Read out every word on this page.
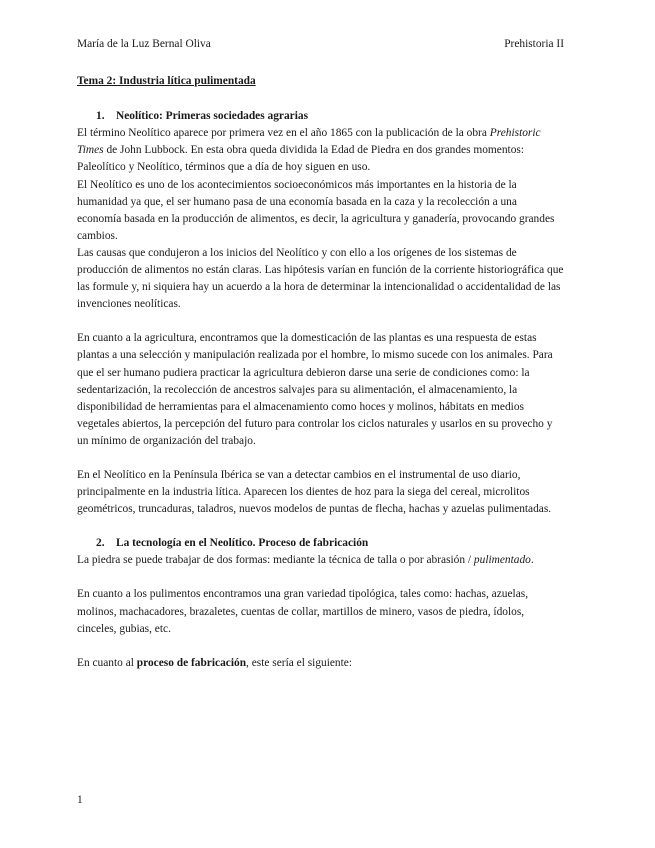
María de la Luz Bernal Oliva	Prehistoria II
Tema 2: Industria lítica pulimentada
1. Neolítico: Primeras sociedades agrarias

El término Neolítico aparece por primera vez en el año 1865 con la publicación de la obra Prehistoric Times de John Lubbock. En esta obra queda dividida la Edad de Piedra en dos grandes momentos: Paleolítico y Neolítico, términos que a día de hoy siguen en uso.

El Neolítico es uno de los acontecimientos socioeconómicos más importantes en la historia de la humanidad ya que, el ser humano pasa de una economía basada en la caza y la recolección a una economía basada en la producción de alimentos, es decir, la agricultura y ganadería, provocando grandes cambios.

Las causas que condujeron a los inicios del Neolítico y con ello a los orígenes de los sistemas de producción de alimentos no están claras. Las hipótesis varían en función de la corriente historiográfica que las formule y, ni siquiera hay un acuerdo a la hora de determinar la intencionalidad o accidentalidad de las invenciones neolíticas.

En cuanto a la agricultura, encontramos que la domesticación de las plantas es una respuesta de estas plantas a una selección y manipulación realizada por el hombre, lo mismo sucede con los animales. Para que el ser humano pudiera practicar la agricultura debieron darse una serie de condiciones como: la sedentarización, la recolección de ancestros salvajes para su alimentación, el almacenamiento, la disponibilidad de herramientas para el almacenamiento como hoces y molinos, hábitats en medios vegetales abiertos, la percepción del futuro para controlar los ciclos naturales y usarlos en su provecho y un mínimo de organización del trabajo.

En el Neolítico en la Península Ibérica se van a detectar cambios en el instrumental de uso diario, principalmente en la industria lítica. Aparecen los dientes de hoz para la siega del cereal, microlitos geométricos, truncaduras, taladros, nuevos modelos de puntas de flecha, hachas y azuelas pulimentadas.

2. La tecnología en el Neolítico. Proceso de fabricación

La piedra se puede trabajar de dos formas: mediante la técnica de talla o por abrasión / pulimentado.

En cuanto a los pulimentos encontramos una gran variedad tipológica, tales como: hachas, azuelas, molinos, machacadores, brazaletes, cuentas de collar, martillos de minero, vasos de piedra, ídolos, cinceles, gubias, etc.

En cuanto al proceso de fabricación, este sería el siguiente:

1
